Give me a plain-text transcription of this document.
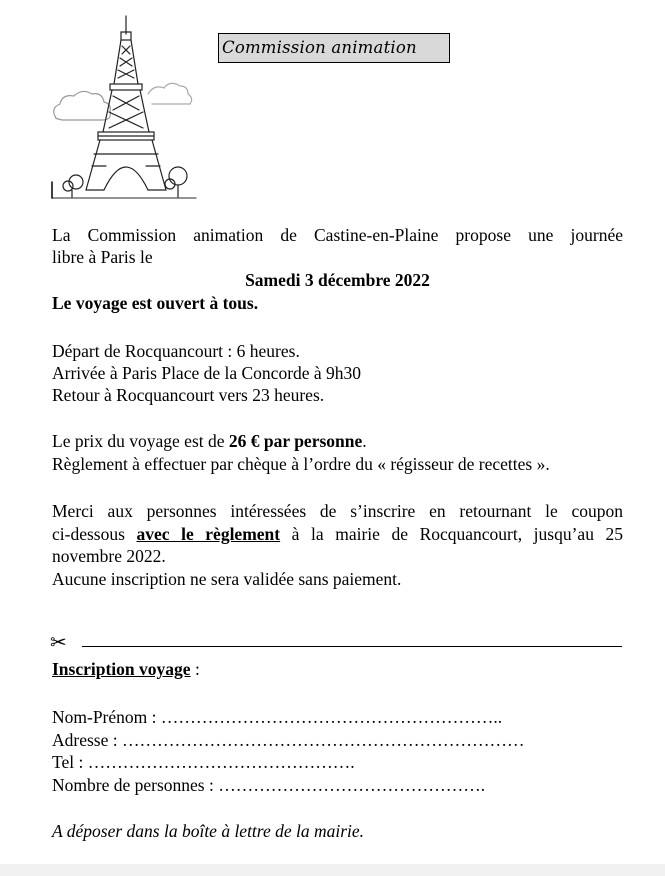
Commission animation
La Commission animation de Castine-en-Plaine propose une journée
libre à Paris le
Samedi 3 décembre 2022
Le voyage est ouvert à tous.
Départ de Rocquancourt : 6 heures.
Arrivée à Paris Place de la Concorde à 9h30
Retour à Rocquancourt vers 23 heures.
Le prix du voyage est de 26 € par personne.
Règlement à effectuer par chèque à l’ordre du « régisseur de recettes ».
Merci aux personnes intéressées de s’inscrire en retournant le coupon
ci-dessous avec le règlement à la mairie de Rocquancourt, jusqu’au 25
novembre 2022.
Aucune inscription ne sera validée sans paiement.
✂
Inscription voyage :
Nom-Prénom : …………………………………………………..
Adresse : ……………………………………………………………
Tel : ……………………………………….
Nombre de personnes : ……………………………………….
A déposer dans la boîte à lettre de la mairie.
